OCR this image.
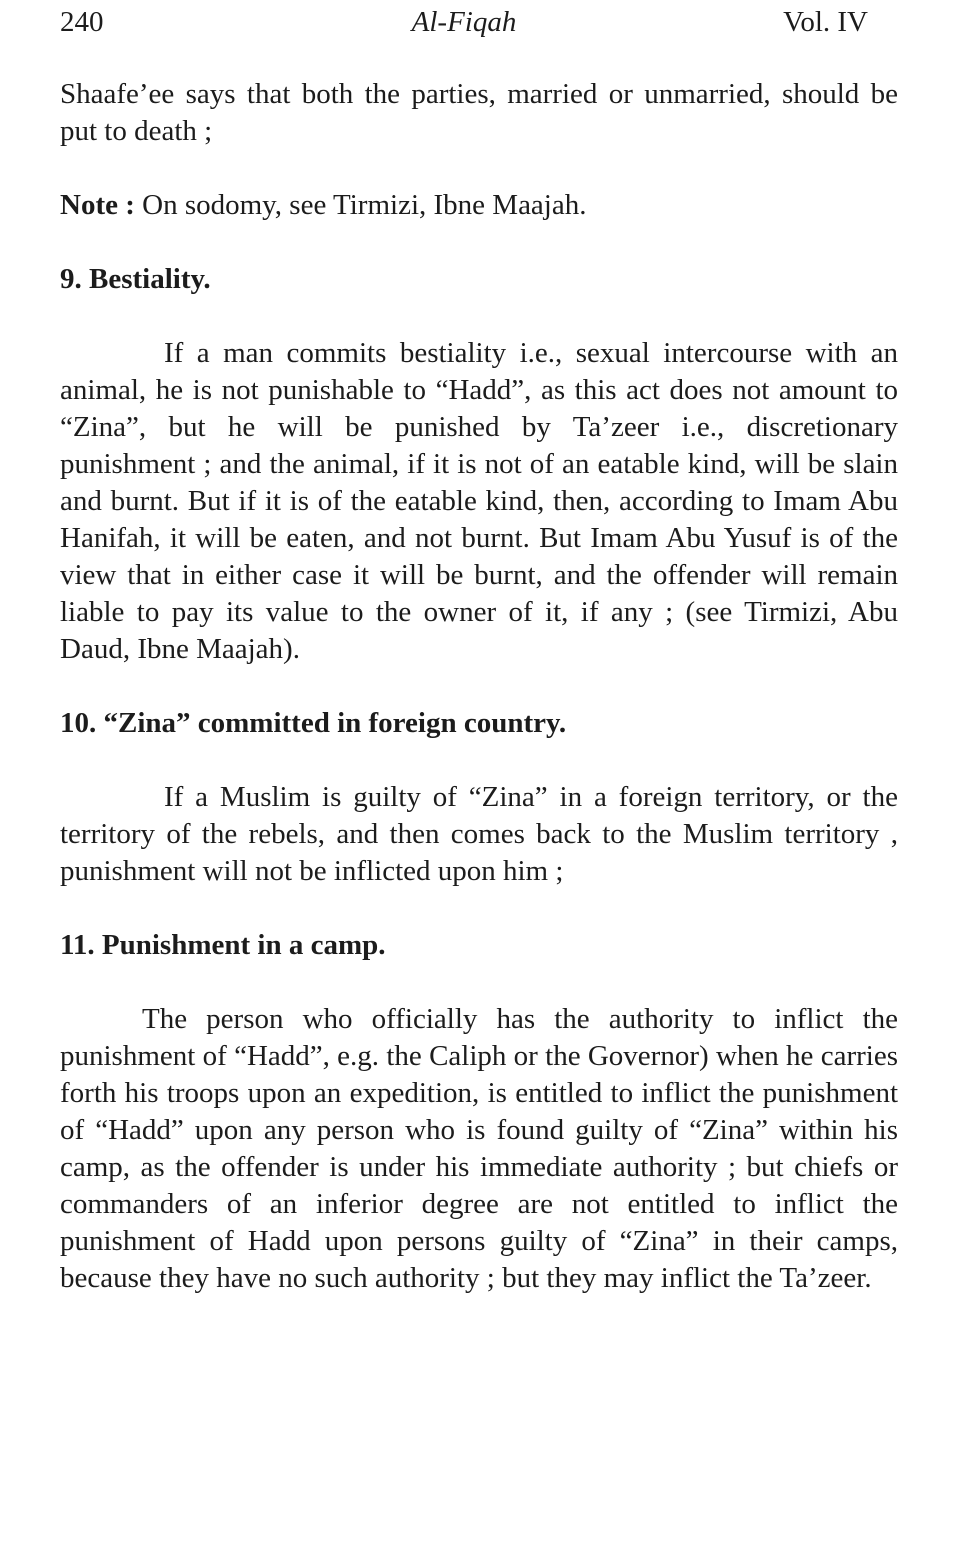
240	Al-Fiqah	Vol. IV

Shaafe’ee says that both the parties, married or unmarried, should be put to death ;

Note : On sodomy, see Tirmizi, Ibne Maajah.

9. Bestiality.

If a man commits bestiality i.e., sexual intercourse with an animal, he is not punishable to “Hadd”, as this act does not amount to “Zina”, but he will be punished by Ta’zeer i.e., discretionary punishment ; and the animal, if it is not of an eatable kind, will be slain and burnt. But if it is of the eatable kind, then, according to Imam Abu Hanifah, it will be eaten, and not burnt. But Imam Abu Yusuf is of the view that in either case it will be burnt, and the offender will remain liable to pay its value to the owner of it, if any ; (see Tirmizi, Abu Daud, Ibne Maajah).

10. “Zina” committed in foreign country.

If a Muslim is guilty of “Zina” in a foreign territory, or the territory of the rebels, and then comes back to the Muslim territory , punishment will not be inflicted upon him ;

11. Punishment in a camp.

The person who officially has the authority to inflict the punishment of “Hadd”, e.g. the Caliph or the Governor) when he carries forth his troops upon an expedition, is entitled to inflict the punishment of “Hadd” upon any person who is found guilty of “Zina” within his camp, as the offender is under his immediate authority ; but chiefs or commanders of an inferior degree are not entitled to inflict the punishment of Hadd upon persons guilty of “Zina” in their camps, because they have no such authority ; but they may inflict the Ta’zeer.
